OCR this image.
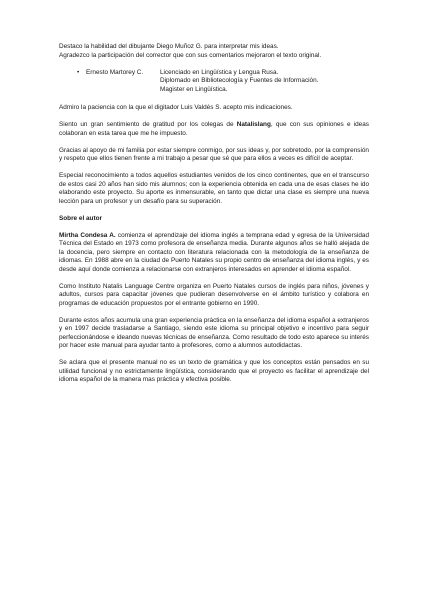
Destaco la habilidad del dibujante Diego Muñoz G. para interpretar mis ideas.
Agradezco la participación del corrector que con sus comentarios mejoraron el texto original.

•	Ernesto Martorey C.	Licenciado en Lingüística y Lengua Rusa.
Diplomado en Bibliotecología y Fuentes de Información.
Magister en Lingüística.

Admiro la paciencia con la que el digitador Luis Valdés S. acepto mis indicaciones.

Siento un gran sentimiento de gratitud por los colegas de Natalislang, que con sus opiniones e ideas colaboran en esta tarea que me he impuesto.

Gracias al apoyo de mi familia por estar siempre conmigo, por sus ideas y, por sobretodo, por la comprensión y respeto que ellos tienen frente a mi trabajo a pesar que sé que para ellos a veces es difícil de aceptar.

Especial reconocimiento a todos aquellos estudiantes venidos de los cinco continentes, que en el transcurso de estos casi 20 años han sido mis alumnos; con la experiencia obtenida en cada una de esas clases he ido elaborando este proyecto. Su aporte es inmensurable, en tanto que dictar una clase es siempre una nueva lección para un profesor y un desafío para su superación.

Sobre el autor

Mirtha Condesa A. comienza el aprendizaje del idioma inglés a temprana edad y egresa de la Universidad Técnica del Estado en 1973 como profesora de enseñanza media. Durante algunos años se halló alejada de la docencia, pero siempre en contacto con literatura relacionada con la metodología de la enseñanza de idiomas. En 1988 abre en la ciudad de Puerto Natales su propio centro de enseñanza del idioma inglés, y es desde aquí donde comienza a relacionarse con extranjeros interesados en aprender el idioma español.

Como Instituto Natalis Language Centre organiza en Puerto Natales cursos de inglés para niños, jóvenes y adultos, cursos para capacitar jóvenes que pudieran desenvolverse en el ámbito turístico y colabora en programas de educación propuestos por el entrante gobierno en 1990.

Durante estos años acumula una gran experiencia práctica en la enseñanza del idioma español a extranjeros y en 1997 decide trasladarse a Santiago, siendo este idioma su principal objetivo e incentivo para seguir perfeccionándose e ideando nuevas técnicas de enseñanza. Como resultado de todo esto aparece su interés por hacer este manual para ayudar tanto a profesores, como a alumnos autodidactas.

Se aclara que el presente manual no es un texto de gramática y que los conceptos están pensados en su utilidad funcional y no estrictamente lingüística, considerando que el proyecto es facilitar el aprendizaje del idioma español de la manera mas práctica y efectiva posible.
